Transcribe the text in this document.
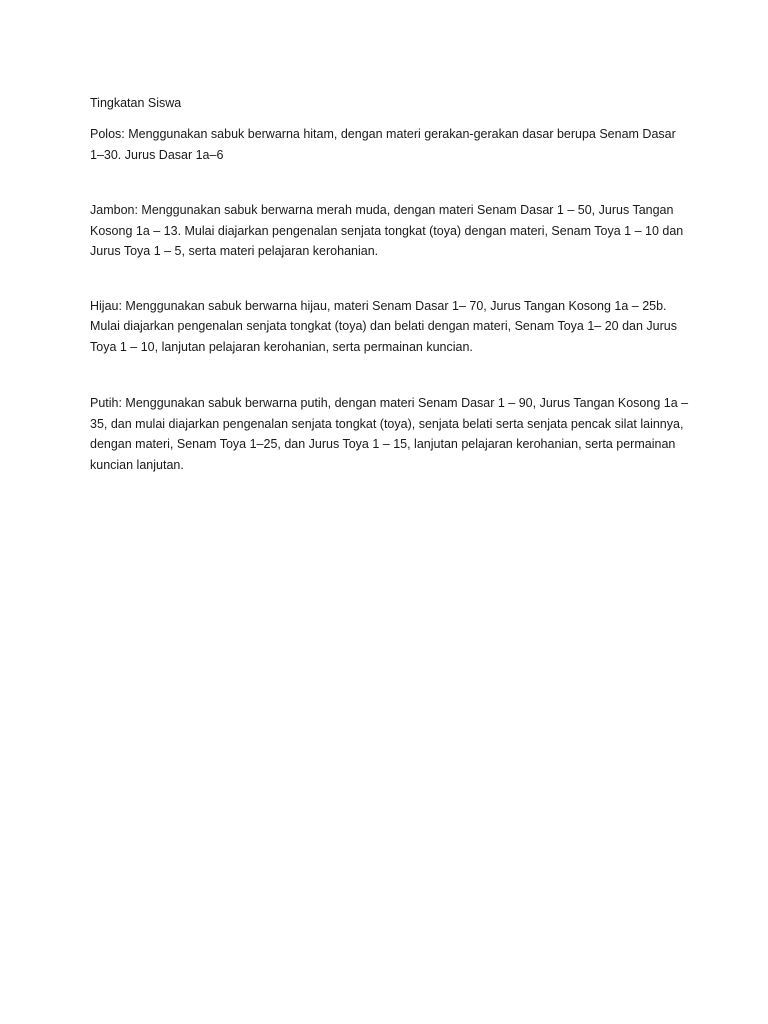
Tingkatan Siswa

Polos: Menggunakan sabuk berwarna hitam, dengan materi gerakan-gerakan dasar berupa Senam Dasar 1–30. Jurus Dasar 1a–6

Jambon: Menggunakan sabuk berwarna merah muda, dengan materi Senam Dasar 1 – 50, Jurus Tangan Kosong 1a – 13. Mulai diajarkan pengenalan senjata tongkat (toya) dengan materi, Senam Toya 1 – 10 dan Jurus Toya 1 – 5, serta materi pelajaran kerohanian.

Hijau: Menggunakan sabuk berwarna hijau, materi Senam Dasar 1– 70, Jurus Tangan Kosong 1a – 25b. Mulai diajarkan pengenalan senjata tongkat (toya) dan belati dengan materi, Senam Toya 1– 20 dan Jurus Toya 1 – 10, lanjutan pelajaran kerohanian, serta permainan kuncian.

Putih: Menggunakan sabuk berwarna putih, dengan materi Senam Dasar 1 – 90, Jurus Tangan Kosong 1a – 35, dan mulai diajarkan pengenalan senjata tongkat (toya), senjata belati serta senjata pencak silat lainnya, dengan materi, Senam Toya 1–25, dan Jurus Toya 1 – 15, lanjutan pelajaran kerohanian, serta permainan kuncian lanjutan.
